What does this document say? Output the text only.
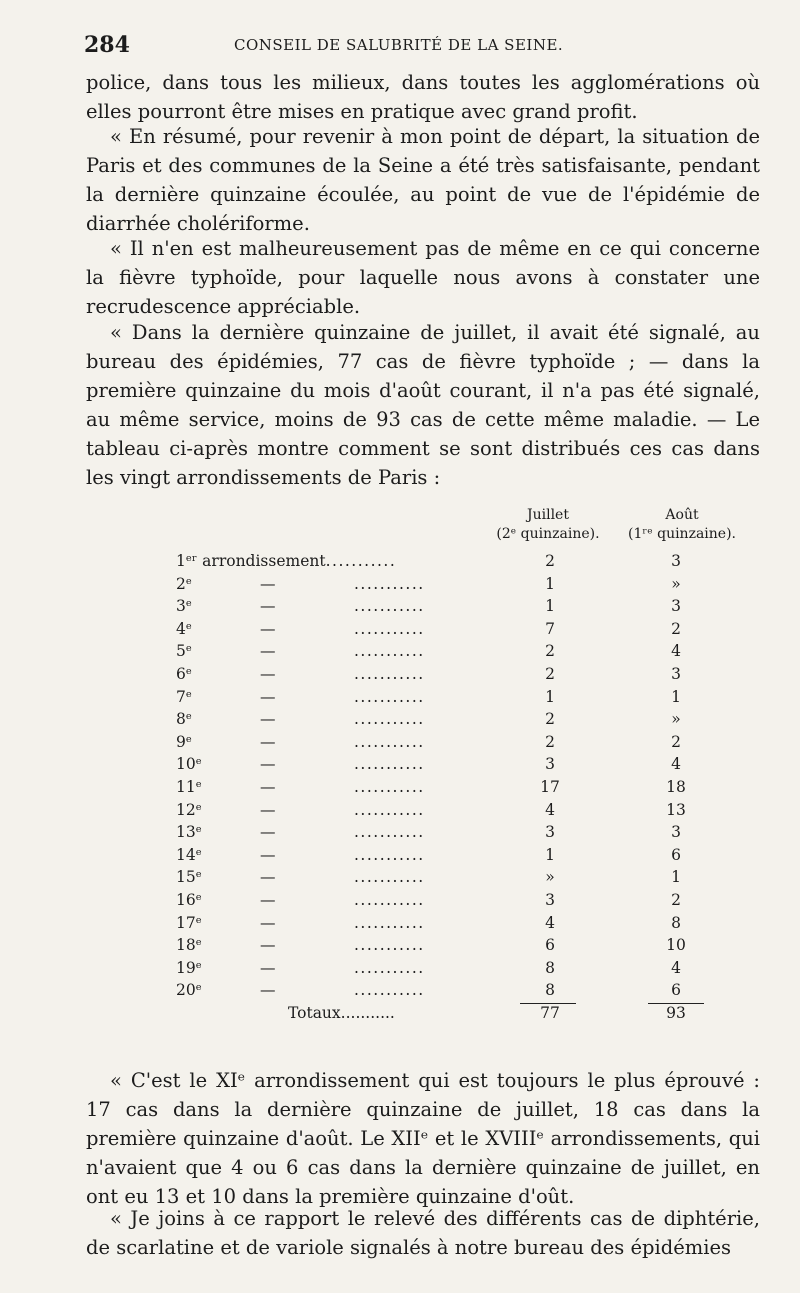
284	CONSEIL DE SALUBRITÉ DE LA SEINE.

police, dans tous les milieux, dans toutes les agglomérations où elles pourront être mises en pratique avec grand profit.

« En résumé, pour revenir à mon point de départ, la situation de Paris et des communes de la Seine a été très satisfaisante, pendant la dernière quinzaine écoulée, au point de vue de l'épidémie de diarrhée cholériforme.

« Il n'en est malheureusement pas de même en ce qui concerne la fièvre typhoïde, pour laquelle nous avons à constater une recrudescence appréciable.

« Dans la dernière quinzaine de juillet, il avait été signalé, au bureau des épidémies, 77 cas de fièvre typhoïde ; — dans la première quinzaine du mois d'août courant, il n'a pas été signalé, au même service, moins de 93 cas de cette même maladie. — Le tableau ci-après montre comment se sont distribués ces cas dans les vingt arrondissements de Paris :

Juillet
(2ᵉ quinzaine).
Août
(1ʳᵉ quinzaine).
1ᵉʳ arrondissement...........	2	3
2ᵉ	—	...........	1	»
3ᵉ	—	...........	1	3
4ᵉ	—	...........	7	2
5ᵉ	—	...........	2	4
6ᵉ	—	...........	2	3
7ᵉ	—	...........	1	1
8ᵉ	—	...........	2	»
9ᵉ	—	...........	2	2
10ᵉ	—	...........	3	4
11ᵉ	—	...........	17	18
12ᵉ	—	...........	4	13
13ᵉ	—	...........	3	3
14ᵉ	—	...........	1	6
15ᵉ	—	...........	»	1
16ᵉ	—	...........	3	2
17ᵉ	—	...........	4	8
18ᵉ	—	...........	6	10
19ᵉ	—	...........	8	4
20ᵉ	—	...........	8	6
Totaux...........	77	93

« C'est le XIᵉ arrondissement qui est toujours le plus éprouvé : 17 cas dans la dernière quinzaine de juillet, 18 cas dans la première quinzaine d'août. Le XIIᵉ et le XVIIIᵉ arrondissements, qui n'avaient que 4 ou 6 cas dans la dernière quinzaine de juillet, en ont eu 13 et 10 dans la première quinzaine d'oût.

« Je joins à ce rapport le relevé des différents cas de diphtérie, de scarlatine et de variole signalés à notre bureau des épidémies
